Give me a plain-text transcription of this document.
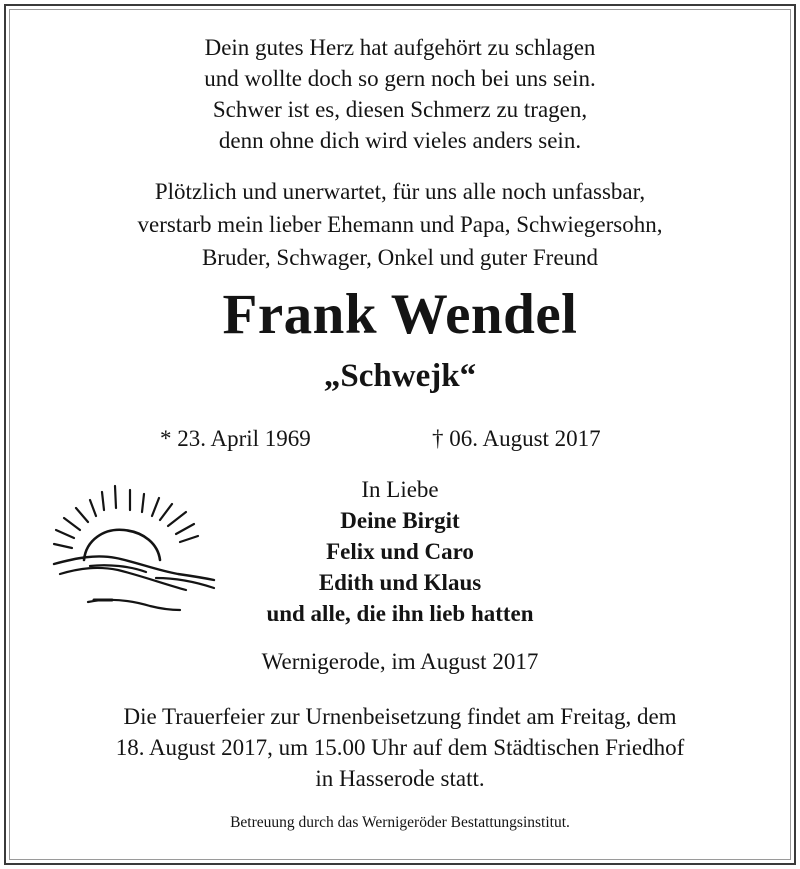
Dein gutes Herz hat aufgehört zu schlagen
und wollte doch so gern noch bei uns sein.
Schwer ist es, diesen Schmerz zu tragen,
denn ohne dich wird vieles anders sein.
Plötzlich und unerwartet, für uns alle noch unfassbar,
verstarb mein lieber Ehemann und Papa, Schwiegersohn,
Bruder, Schwager, Onkel und guter Freund
Frank Wendel
„Schwejk“
* 23. April 1969	† 06. August 2017
In Liebe
Deine Birgit
Felix und Caro
Edith und Klaus
und alle, die ihn lieb hatten
Wernigerode, im August 2017
Die Trauerfeier zur Urnenbeisetzung findet am Freitag, dem
18. August 2017, um 15.00 Uhr auf dem Städtischen Friedhof
in Hasserode statt.
Betreuung durch das Wernigeröder Bestattungsinstitut.
